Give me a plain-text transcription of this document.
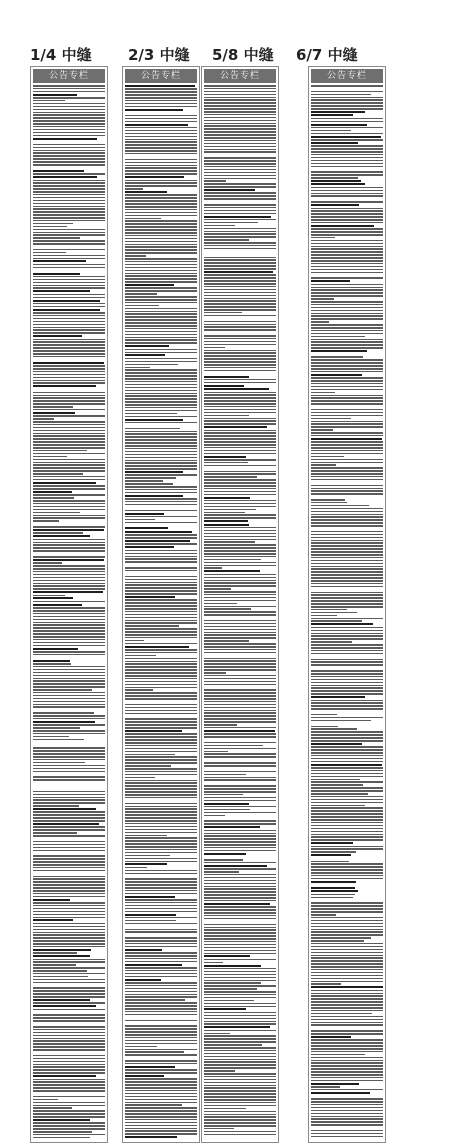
1/4 中缝 2/3 中缝 5/8 中缝 6/7 中缝
公告专栏	公告专栏	公告专栏	公告专栏
